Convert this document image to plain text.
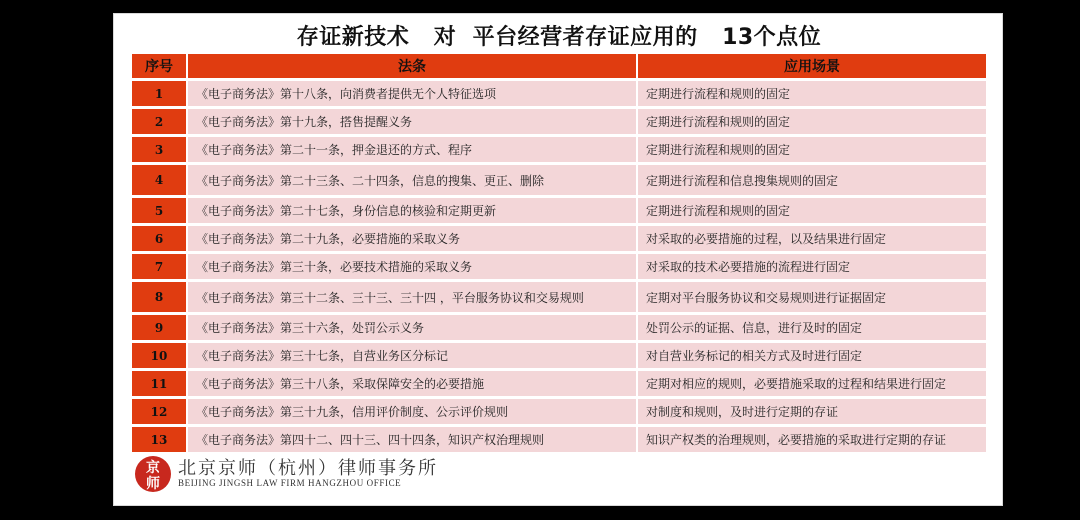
存证新技术   对  平台经营者存证应用的   13个点位
序号	法条	应用场景
1	《电子商务法》第十八条，向消费者提供无个人特征选项	定期进行流程和规则的固定
2	《电子商务法》第十九条，搭售提醒义务	定期进行流程和规则的固定
3	《电子商务法》第二十一条，押金退还的方式、程序	定期进行流程和规则的固定
4	《电子商务法》第二十三条、二十四条，信息的搜集、更正、删除	定期进行流程和信息搜集规则的固定
5	《电子商务法》第二十七条，身份信息的核验和定期更新	定期进行流程和规则的固定
6	《电子商务法》第二十九条，必要措施的采取义务	对采取的必要措施的过程，以及结果进行固定
7	《电子商务法》第三十条，必要技术措施的采取义务	对采取的技术必要措施的流程进行固定
8	《电子商务法》第三十二条、三十三、三十四 ，平台服务协议和交易规则	定期对平台服务协议和交易规则进行证据固定
9	《电子商务法》第三十六条，处罚公示义务	处罚公示的证据、信息，进行及时的固定
10	《电子商务法》第三十七条，自营业务区分标记	对自营业务标记的相关方式及时进行固定
11	《电子商务法》第三十八条，采取保障安全的必要措施	定期对相应的规则，必要措施采取的过程和结果进行固定
12	《电子商务法》第三十九条，信用评价制度、公示评价规则	对制度和规则，及时进行定期的存证
13	《电子商务法》第四十二、四十三、四十四条，知识产权治理规则	知识产权类的治理规则，必要措施的采取进行定期的存证
京
师
北京京师（杭州）律师事务所
BEIJING JINGSH LAW FIRM HANGZHOU OFFICE
